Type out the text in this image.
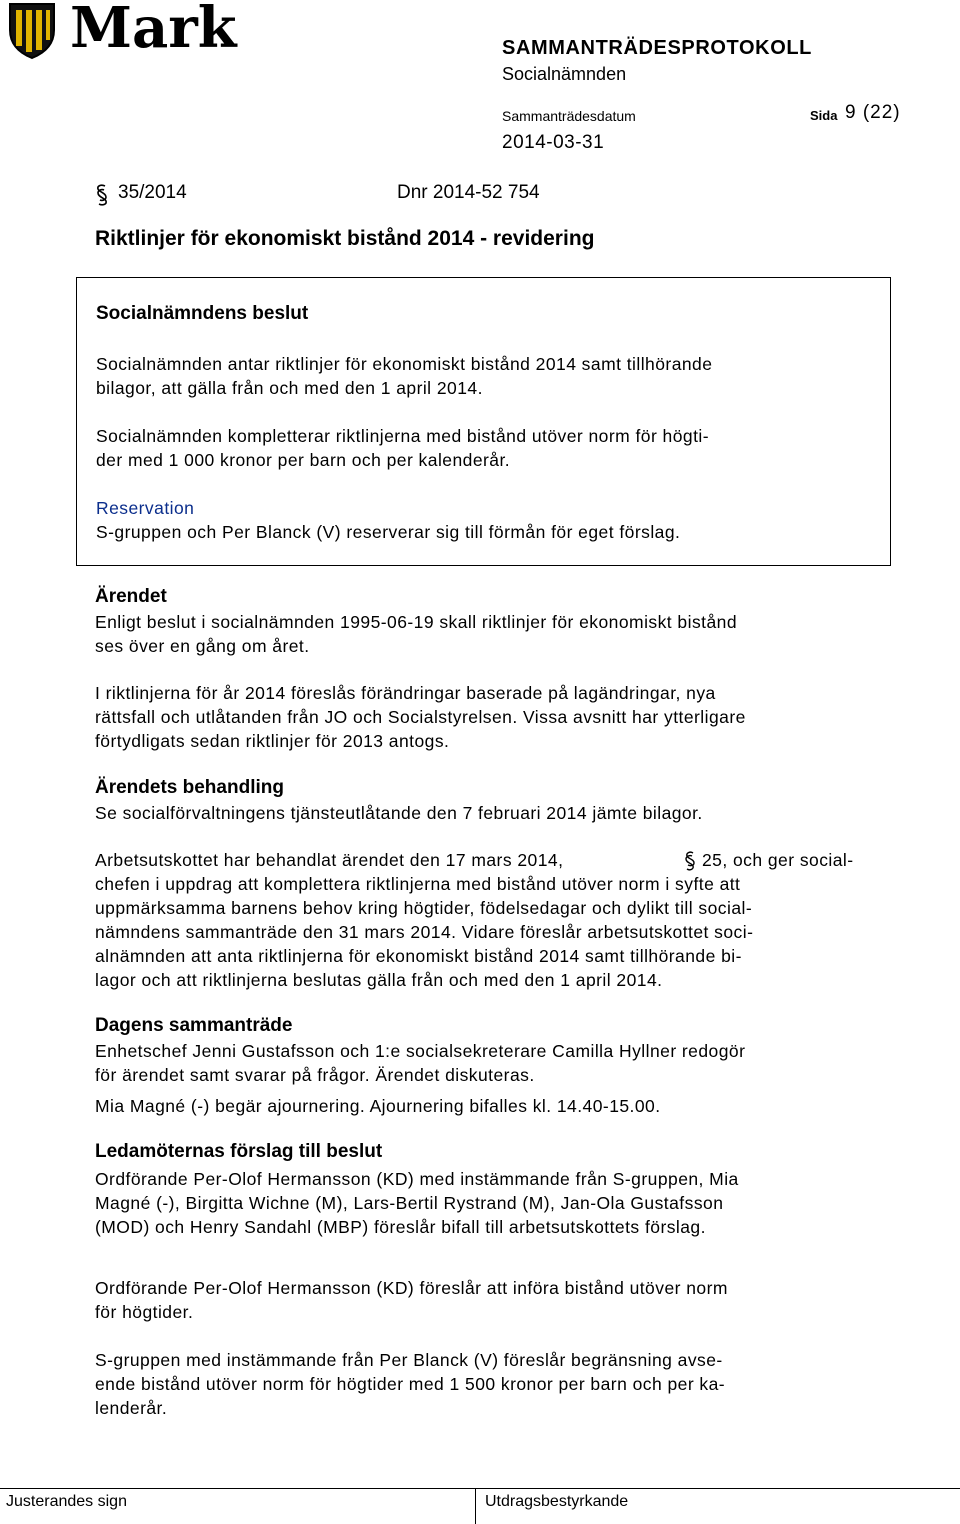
Mark	SAMMANTRÄDESPROTOKOLL
Socialnämnden
Sammanträdesdatum	Sida 9 (22)
2014-03-31
35/2014	Dnr 2014-52 754
Riktlinjer för ekonomiskt bistånd 2014 - revidering
Socialnämndens beslut
Socialnämnden antar riktlinjer för ekonomiskt bistånd 2014 samt tillhörande
bilagor, att gälla från och med den 1 april 2014.
Socialnämnden kompletterar riktlinjerna med bistånd utöver norm för högti-
der med 1 000 kronor per barn och per kalenderår.
Reservation
S-gruppen och Per Blanck (V) reserverar sig till förmån för eget förslag.
Ärendet
Enligt beslut i socialnämnden 1995-06-19 skall riktlinjer för ekonomiskt bistånd
ses över en gång om året.
I riktlinjerna för år 2014 föreslås förändringar baserade på lagändringar, nya
rättsfall och utlåtanden från JO och Socialstyrelsen. Vissa avsnitt har ytterligare
förtydligats sedan riktlinjer för 2013 antogs.
Ärendets behandling
Se socialförvaltningens tjänsteutlåtande den 7 februari 2014 jämte bilagor.
Arbetsutskottet har behandlat ärendet den 17 mars 2014,	25, och ger social-
chefen i uppdrag att komplettera riktlinjerna med bistånd utöver norm i syfte att
uppmärksamma barnens behov kring högtider, födelsedagar och dylikt till social-
nämndens sammanträde den 31 mars 2014. Vidare föreslår arbetsutskottet soci-
alnämnden att anta riktlinjerna för ekonomiskt bistånd 2014 samt tillhörande bi-
lagor och att riktlinjerna beslutas gälla från och med den 1 april 2014.
Dagens sammanträde
Enhetschef Jenni Gustafsson och 1:e socialsekreterare Camilla Hyllner redogör
för ärendet samt svarar på frågor. Ärendet diskuteras.
Mia Magné (-) begär ajournering. Ajournering bifalles kl. 14.40-15.00.
Ledamöternas förslag till beslut
Ordförande Per-Olof Hermansson (KD) med instämmande från S-gruppen, Mia
Magné (-), Birgitta Wichne (M), Lars-Bertil Rystrand (M), Jan-Ola Gustafsson
(MOD) och Henry Sandahl (MBP) föreslår bifall till arbetsutskottets förslag.
Ordförande Per-Olof Hermansson (KD) föreslår att införa bistånd utöver norm
för högtider.
S-gruppen med instämmande från Per Blanck (V) föreslår begränsning avse-
ende bistånd utöver norm för högtider med 1 500 kronor per barn och per ka-
lenderår.
Justerandes sign	Utdragsbestyrkande
